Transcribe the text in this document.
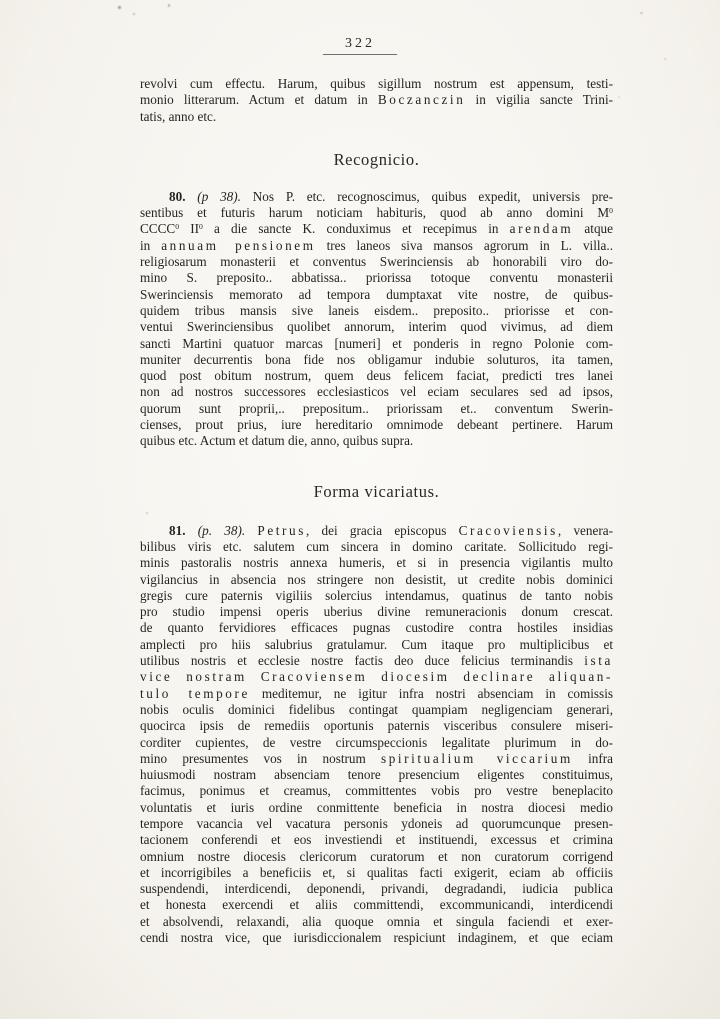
322
revolvi cum effectu. Harum, quibus sigillum nostrum est appensum, testi-
monio litterarum. Actum et datum in Boczanczin in vigilia sancte Trini-
tatis, anno etc.
Recognicio.
80. (p 38). Nos P. etc. recognoscimus, quibus expedit, universis pre-
sentibus et futuris harum noticiam habituris, quod ab anno domini $M^0$
CCCC$^0$ $II^0$ a die sancte K. conduximus et recepimus in arendam atque
in annuam pensionem tres laneos siva mansos agrorum in L. villa..
religiosarum monasterii et conventus Swerinciensis ab honorabili viro do-
mino S. preposito.. abbatissa.. priorissa totoque conventu monasterii
Swerinciensis memorato ad tempora dumptaxat vite nostre, de quibus-
quidem tribus mansis sive laneis eisdem.. preposito.. priorisse et con-
ventui Swerinciensibus quolibet annorum, interim quod vivimus, ad diem
sancti Martini quatuor marcas [numeri] et ponderis in regno Polonie com-
muniter decurrentis bona fide nos obligamur indubie soluturos, ita tamen,
quod post obitum nostrum, quem deus felicem faciat, predicti tres lanei
non ad nostros successores ecclesiasticos vel eciam seculares sed ad ipsos,
quorum sunt proprii,.. prepositum.. priorissam et.. conventum Swerin-
cienses, prout prius, iure hereditario omnimode debeant pertinere. Harum
quibus etc. Actum et datum die, anno, quibus supra.
Forma vicariatus.
81. (p. 38). Petrus, dei gracia episcopus Cracoviensis, venera-
bilibus viris etc. salutem cum sincera in domino caritate. Sollicitudo regi-
minis pastoralis nostris annexa humeris, et si in presencia vigilantis multo
vigilancius in absencia nos stringere non desistit, ut credite nobis dominici
gregis cure paternis vigiliis solercius intendamus, quatinus de tanto nobis
pro studio impensi operis uberius divine remuneracionis donum crescat.
de quanto fervidiores efficaces pugnas custodire contra hostiles insidias
amplecti pro hiis salubrius gratulamur. Cum itaque pro multiplicibus et
utilibus nostris et ecclesie nostre factis deo duce felicius terminandis ista
vice nostram Cracoviensem diocesim declinare aliquan-
tulo tempore meditemur, ne igitur infra nostri absenciam in comissis
nobis oculis dominici fidelibus contingat quampiam negligenciam generari,
quocirca ipsis de remediis oportunis paternis visceribus consulere miseri-
corditer cupientes, de vestre circumspeccionis legalitate plurimum in do-
mino presumentes vos in nostrum spiritualium viccarium infra
huiusmodi nostram absenciam tenore presencium eligentes constituimus,
facimus, ponimus et creamus, committentes vobis pro vestre beneplacito
voluntatis et iuris ordine conmittente beneficia in nostra diocesi medio
tempore vacancia vel vacatura personis ydoneis ad quorumcunque presen-
tacionem conferendi et eos investiendi et instituendi, excessus et crimina
omnium nostre diocesis clericorum curatorum et non curatorum corrigend
et incorrigibiles a beneficiis et, si qualitas facti exigerit, eciam ab officiis
suspendendi, interdicendi, deponendi, privandi, degradandi, iudicia publica
et honesta exercendi et aliis committendi, excommunicandi, interdicendi
et absolvendi, relaxandi, alia quoque omnia et singula faciendi et exer-
cendi nostra vice, que iurisdiccionalem respiciunt indaginem, et que eciam
